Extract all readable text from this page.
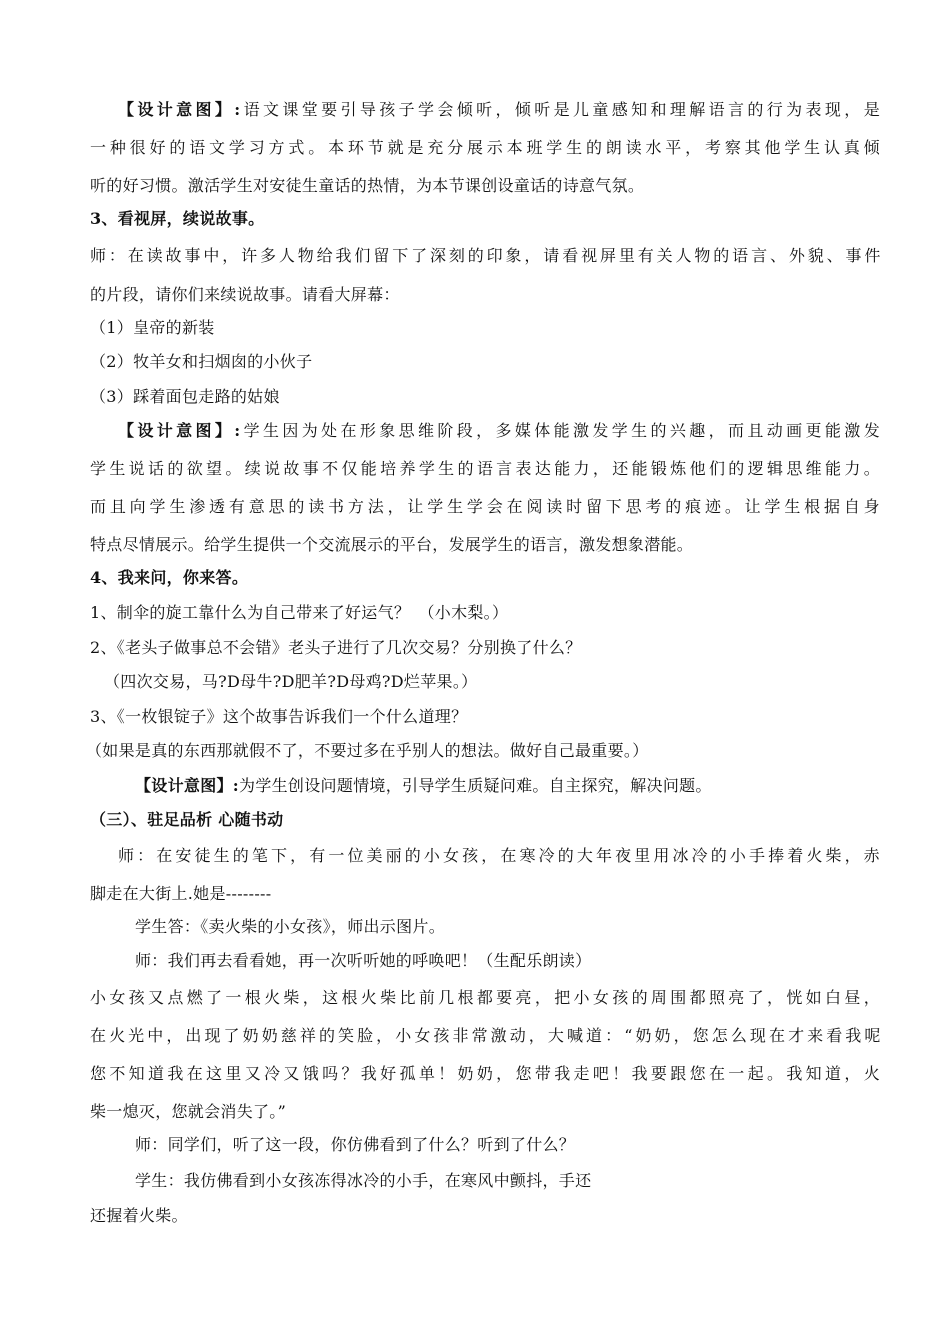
【设计意图】:语文课堂要引导孩子学会倾听，倾听是儿童感知和理解语言的行为表现，是
一种很好的语文学习方式。本环节就是充分展示本班学生的朗读水平，考察其他学生认真倾
听的好习惯。激活学生对安徒生童话的热情，为本节课创设童话的诗意气氛。
3、看视屏，续说故事。
师：在读故事中，许多人物给我们留下了深刻的印象，请看视屏里有关人物的语言、外貌、事件
的片段，请你们来续说故事。请看大屏幕：
（1）皇帝的新装
（2）牧羊女和扫烟囱的小伙子
（3）踩着面包走路的姑娘
【设计意图】:学生因为处在形象思维阶段，多媒体能激发学生的兴趣，而且动画更能激发
学生说话的欲望。续说故事不仅能培养学生的语言表达能力，还能锻炼他们的逻辑思维能力。
而且向学生渗透有意思的读书方法，让学生学会在阅读时留下思考的痕迹。让学生根据自身
特点尽情展示。给学生提供一个交流展示的平台，发展学生的语言，激发想象潜能。
4、我来问，你来答。
1、制伞的旋工靠什么为自己带来了好运气？　（小木梨。）
2、《老头子做事总不会错》老头子进行了几次交易？分别换了什么？
（四次交易，马?D母牛?D肥羊?D母鸡?D烂苹果。）
3、《一枚银锭子》这个故事告诉我们一个什么道理？
（如果是真的东西那就假不了，不要过多在乎别人的想法。做好自己最重要。）
【设计意图】:为学生创设问题情境，引导学生质疑问难。自主探究，解决问题。
（三）、驻足品析 心随书动
师：在安徒生的笔下，有一位美丽的小女孩，在寒冷的大年夜里用冰冷的小手捧着火柴，赤
脚走在大街上.她是--------
学生答：《卖火柴的小女孩》，师出示图片。
师：我们再去看看她，再一次听听她的呼唤吧！（生配乐朗读）
小女孩又点燃了一根火柴，这根火柴比前几根都要亮，把小女孩的周围都照亮了，恍如白昼，
在火光中，出现了奶奶慈祥的笑脸，小女孩非常激动，大喊道：“奶奶，您怎么现在才来看我呢
您不知道我在这里又冷又饿吗？我好孤单！奶奶，您带我走吧！我要跟您在一起。我知道，火
柴一熄灭，您就会消失了。”
师：同学们，听了这一段，你仿佛看到了什么？听到了什么？
学生：我仿佛看到小女孩冻得冰冷的小手，在寒风中颤抖，手还
还握着火柴。
